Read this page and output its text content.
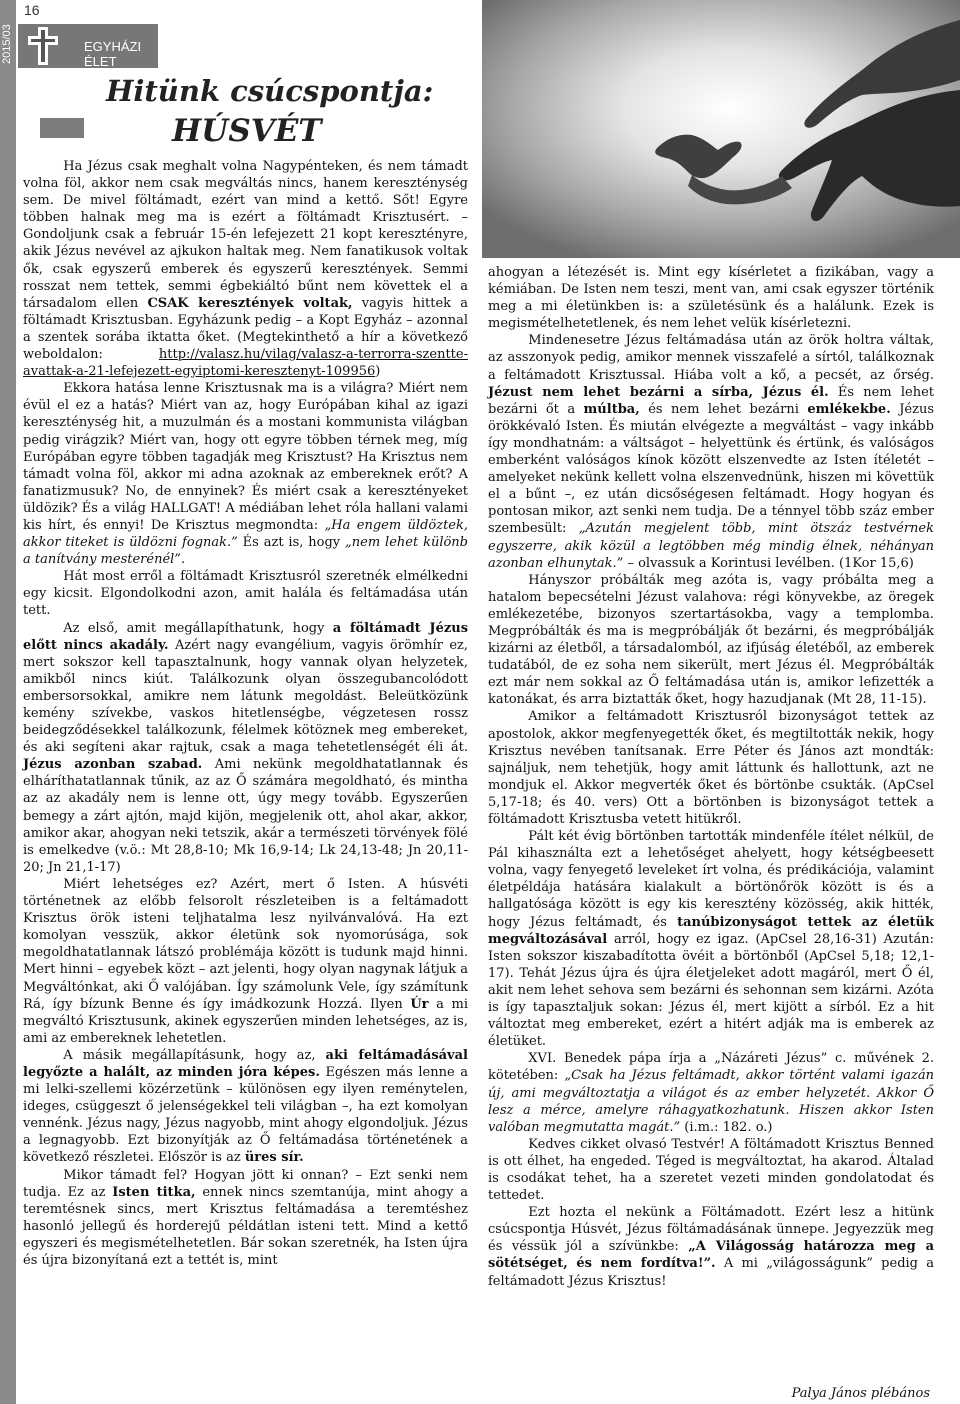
2015/03
16
EGYHÁZI ÉLET
Hitünk csúcspontja:
HÚSVÉT

Ha Jézus csak meghalt volna Nagypénteken, és nem támadt volna föl, akkor nem csak megváltás nincs, hanem kereszténység sem. De mivel föltámadt, ezért van mind a kettő. Sőt! Egyre többen halnak meg ma is ezért a föltámadt Krisztusért. – Gondoljunk csak a február 15-én lefejezett 21 kopt keresztényre, akik Jézus nevével az ajkukon haltak meg. Nem fanatikusok voltak ők, csak egyszerű emberek és egyszerű keresztények. Semmi rosszat nem tettek, semmi égbekiáltó bűnt nem követtek el a társadalom ellen CSAK keresztények voltak, vagyis hittek a föltámadt Krisztusban. Egyházunk pedig – a Kopt Egyház – azonnal a szentek sorába iktatta őket. (Megtekinthető a hír a következő weboldalon: http://valasz.hu/vilag/valasz-a-terrorra-szentte-avattak-a-21-lefejezett-egyiptomi-keresztenyt-109956)

Ekkora hatása lenne Krisztusnak ma is a világra? Miért nem évül el ez a hatás? Miért van az, hogy Európában kihal az igazi kereszténység hit, a muzulmán és a mostani kommunista világban pedig virágzik? Miért van, hogy ott egyre többen térnek meg, míg Európában egyre többen tagadják meg Krisztust? Ha Krisztus nem támadt volna föl, akkor mi adna azoknak az embereknek erőt? A fanatizmusuk? No, de ennyinek? És miért csak a keresztényeket üldözik? És a világ HALLGAT! A médiában lehet róla hallani valami kis hírt, és ennyi! De Krisztus megmondta: „Ha engem üldöztek, akkor titeket is üldözni fognak.” És azt is, hogy „nem lehet különb a tanítvány mesterénél”.

Hát most erről a föltámadt Krisztusról szeretnék elmélkedni egy kicsit. Elgondolkodni azon, amit halála és feltámadása után tett.

Az első, amit megállapíthatunk, hogy a föltámadt Jézus előtt nincs akadály. Azért nagy evangélium, vagyis örömhír ez, mert sokszor kell tapasztalnunk, hogy vannak olyan helyzetek, amikből nincs kiút. Találkozunk olyan összegubancolódott embersorsokkal, amikre nem látunk megoldást. Beleütközünk kemény szívekbe, vaskos hitetlenségbe, végzetesen rossz beidegződésekkel találkozunk, félelmek kötöznek meg embereket, és aki segíteni akar rajtuk, csak a maga tehetetlenségét éli át. Jézus azonban szabad. Ami nekünk megoldhatatlannak és elháríthatatlannak tűnik, az az Ő számára megoldható, és mintha az az akadály nem is lenne ott, úgy megy tovább. Egyszerűen bemegy a zárt ajtón, majd kijön, megjelenik ott, ahol akar, akkor, amikor akar, ahogyan neki tetszik, akár a természeti törvények fölé is emelkedve (v.ö.: Mt 28,8-10; Mk 16,9-14; Lk 24,13-48; Jn 20,11-20; Jn 21,1-17)

Miért lehetséges ez? Azért, mert ő Isten. A húsvéti történetnek az előbb felsorolt részleteiben is a feltámadott Krisztus örök isteni teljhatalma lesz nyilvánvalóvá. Ha ezt komolyan vesszük, akkor életünk sok nyomorúsága, sok megoldhatatlannak látszó problémája között is tudunk majd hinni. Mert hinni – egyebek közt – azt jelenti, hogy olyan nagynak látjuk a Megváltónkat, aki Ő valójában. Így számolunk Vele, így számítunk Rá, így bízunk Benne és így imádkozunk Hozzá. Ilyen Úr a mi megváltó Krisztusunk, akinek egyszerűen minden lehetséges, az is, ami az embereknek lehetetlen.

A másik megállapításunk, hogy az, aki feltámadásával legyőzte a halált, az minden jóra képes. Egészen más lenne a mi lelki-szellemi közérzetünk – különösen egy ilyen reménytelen, ideges, csüggeszt ő jelenségekkel teli világban –, ha ezt komolyan vennénk. Jézus nagy, Jézus nagyobb, mint ahogy elgondoljuk. Jézus a legnagyobb. Ezt bizonyítják az Ő feltámadása történetének a következő részletei. Először is az üres sír.

Mikor támadt fel? Hogyan jött ki onnan? – Ezt senki nem tudja. Ez az Isten titka, ennek nincs szemtanúja, mint ahogy a teremtésnek sincs, mert Krisztus feltámadása a teremtéshez hasonló jellegű és horderejű példátlan isteni tett. Mind a kettő egyszeri és megismételhetetlen. Bár sokan szeretnék, ha Isten újra és újra bizonyítaná ezt a tettét is, mint

ahogyan a létezését is. Mint egy kísérletet a fizikában, vagy a kémiában. De Isten nem teszi, ment van, ami csak egyszer történik meg a mi életünkben is: a születésünk és a halálunk. Ezek is megismételhetetlenek, és nem lehet velük kísérletezni.

Mindenesetre Jézus feltámadása után az örök holtra váltak, az asszonyok pedig, amikor mennek visszafelé a sírtól, találkoznak a feltámadott Krisztussal. Hiába volt a kő, a pecsét, az őrség. Jézust nem lehet bezárni a sírba, Jézus él. És nem lehet bezárni őt a múltba, és nem lehet bezárni emlékekbe. Jézus örökkévaló Isten. És miután elvégezte a megváltást – vagy inkább így mondhatnám: a váltságot – helyettünk és értünk, és valóságos emberként valóságos kínok között elszenvedte az Isten ítéletét – amelyeket nekünk kellett volna elszenvednünk, hiszen mi követtük el a bűnt –, ez után dicsőségesen feltámadt. Hogy hogyan és pontosan mikor, azt senki nem tudja. De a ténnyel több száz ember szembesült: „Azután megjelent több, mint ötszáz testvérnek egyszerre, akik közül a legtöbben még mindig élnek, néhányan azonban elhunytak.” – olvassuk a Korintusi levélben. (1Kor 15,6)

Hányszor próbálták meg azóta is, vagy próbálta meg a hatalom bepecsételni Jézust valahova: régi könyvekbe, az öregek emlékezetébe, bizonyos szertartásokba, vagy a templomba. Megpróbálták és ma is megpróbálják őt bezárni, és megpróbálják kizárni az életből, a társadalomból, az ifjúság életéből, az emberek tudatából, de ez soha nem sikerült, mert Jézus él. Megpróbálták ezt már nem sokkal az Ő feltámadása után is, amikor lefizették a katonákat, és arra biztatták őket, hogy hazudjanak (Mt 28, 11-15).

Amikor a feltámadott Krisztusról bizonyságot tettek az apostolok, akkor megfenyegették őket, és megtiltották nekik, hogy Krisztus nevében tanítsanak. Erre Péter és János azt mondták: sajnáljuk, nem tehetjük, hogy amit láttunk és hallottunk, azt ne mondjuk el. Akkor megverték őket és börtönbe csukták. (ApCsel 5,17-18; és 40. vers) Ott a börtönben is bizonyságot tettek a föltámadott Krisztusba vetett hitükről.

Pált két évig börtönben tartották mindenféle ítélet nélkül, de Pál kihasználta ezt a lehetőséget ahelyett, hogy kétségbeesett volna, vagy fenyegető leveleket írt volna, és prédikációja, valamint életpéldája hatására kialakult a börtönőrök között is és a hallgatósága között is egy kis keresztény közösség, akik hitték, hogy Jézus feltámadt, és tanúbizonyságot tettek az életük megváltozásával arról, hogy ez igaz. (ApCsel 28,16-31) Azután: Isten sokszor kiszabadította övéit a börtönből (ApCsel 5,18; 12,1-17). Tehát Jézus újra és újra életjeleket adott magáról, mert Ő él, akit nem lehet sehova sem bezárni és sehonnan sem kizárni. Azóta is így tapasztaljuk sokan: Jézus él, mert kijött a sírból. Ez a hit változtat meg embereket, ezért a hitért adják ma is emberek az életüket.

XVI. Benedek pápa írja a „Názáreti Jézus” c. művének 2. kötetében: „Csak ha Jézus feltámadt, akkor történt valami igazán új, ami megváltoztatja a világot és az ember helyzetét. Akkor Ő lesz a mérce, amelyre ráhagyatkozhatunk. Hiszen akkor Isten valóban megmutatta magát.” (i.m.: 182. o.)

Kedves cikket olvasó Testvér! A föltámadott Krisztus Benned is ott élhet, ha engeded. Téged is megváltoztat, ha akarod. Általad is csodákat tehet, ha a szeretet vezeti minden gondolatodat és tettedet.

Ezt hozta el nekünk a Föltámadott. Ezért lesz a hitünk csúcspontja Húsvét, Jézus föltámadásának ünnepe. Jegyezzük meg és véssük jól a szívünkbe: „A Világosság határozza meg a sötétséget, és nem fordítva!”. A mi „világosságunk” pedig a feltámadott Jézus Krisztus!

Palya János plébános
